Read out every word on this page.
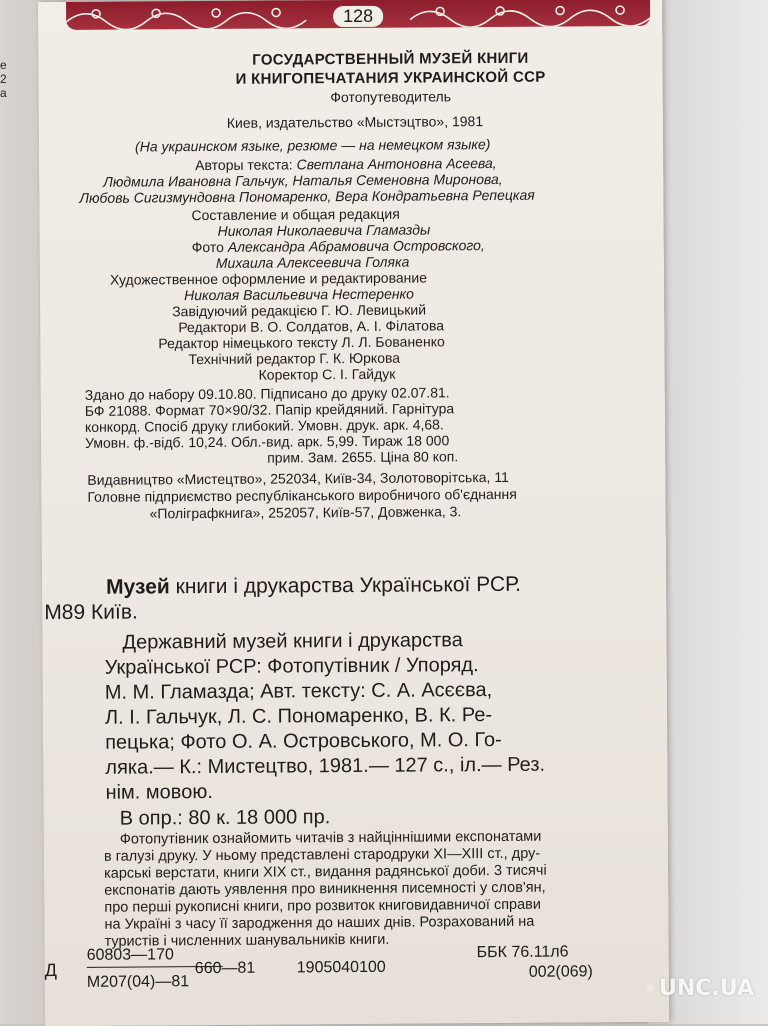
е
2
а
128
ГОСУДАРСТВЕННЫЙ МУЗЕЙ КНИГИ
И КНИГОПЕЧАТАНИЯ УКРАИНСКОЙ ССР
Фотопутеводитель
Киев, издательство «Мыстэцтво», 1981
(На украинском языке, резюме — на немецком языке)
Авторы текста: Светлана Антоновна Асеева,
Людмила Ивановна Гальчук, Наталья Семеновна Миронова,
Любовь Сигизмундовна Пономаренко, Вера Кондратьевна Репецкая
Составление и общая редакция
Николая Николаевича Гламазды
Фото Александра Абрамовича Островского,
Михаила Алексеевича Голяка
Художественное оформление и редактирование
Николая Васильевича Нестеренко
Завідуючий редакцією Г. Ю. Левицький
Редактори В. О. Солдатов, А. І. Філатова
Редактор німецького тексту Л. Л. Бованенко
Технічний редактор Г. К. Юркова
Коректор С. І. Гайдук
Здано до набору 09.10.80. Підписано до друку 02.07.81.
БФ 21088. Формат 70×90/32. Папір крейдяний. Гарнітура
конкорд. Спосіб друку глибокий. Умовн. друк. арк. 4,68.
Умовн. ф.-відб. 10,24. Обл.-вид. арк. 5,99. Тираж 18 000
прим. Зам. 2655. Ціна 80 коп.
Видавництво «Мистецтво», 252034, Київ-34, Золотоворітська, 11
Головне підприємство республіканського виробничого об'єднання
«Поліграфкнига», 252057, Київ-57, Довженка, 3.
Музей книги і друкарства Української РСР.
М89 Київ.
Державний музей книги і друкарства
Української РСР: Фотопутівник / Упоряд.
М. М. Гламазда; Авт. тексту: С. А. Асєєва,
Л. І. Гальчук, Л. С. Пономаренко, В. К. Ре-
пецька; Фото О. А. Островського, М. О. Го-
ляка.— К.: Мистецтво, 1981.— 127 с., іл.— Рез.
нім. мовою.
В опр.: 80 к. 18 000 пр.
Фотопутівник ознайомить читачів з найціннішими експонатами
в галузі друку. У ньому представлені стародруки XI—XIII ст., дру-
карські верстати, книги XIX ст., видання радянської доби. 3 тисячі
експонатів дають уявлення про виникнення писемності у слов'ян,
про перші рукописні книги, про розвиток книговидавничої справи
на Україні з часу її зародження до наших днів. Розрахований на
туристів і численних шанувальників книги.
Д
60803—170
М207(04)—81
660—81	1905040100
ББК 76.11л6
002(069)
UNC.UA
